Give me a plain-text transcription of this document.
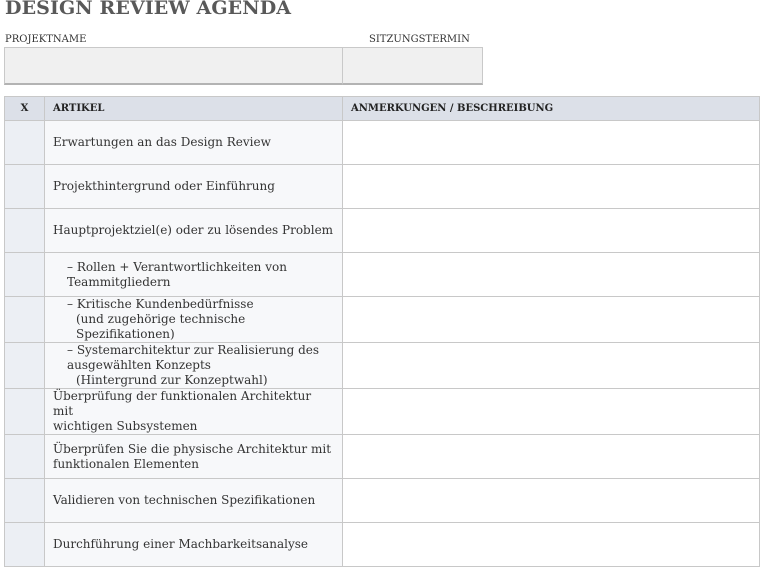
DESIGN REVIEW AGENDA
PROJEKTNAME	SITZUNGSTERMIN
X	ARTIKEL	ANMERKUNGEN / BESCHREIBUNG

	Erwartungen an das Design Review	

	Projekthintergrund oder Einführung	

	Hauptprojektziel(e) oder zu lösendes Problem	

	– Rollen + Verantwortlichkeiten von
Teammitgliedern	

	– Kritische Kundenbedürfnisse
(und zugehörige technische Spezifikationen)	

	– Systemarchitektur zur Realisierung des
ausgewählten Konzepts
(Hintergrund zur Konzeptwahl)	

	Überprüfung der funktionalen Architektur mit
wichtigen Subsystemen	

	Überprüfen Sie die physische Architektur mit
funktionalen Elementen	

	Validieren von technischen Spezifikationen	

	Durchführung einer Machbarkeitsanalyse	
